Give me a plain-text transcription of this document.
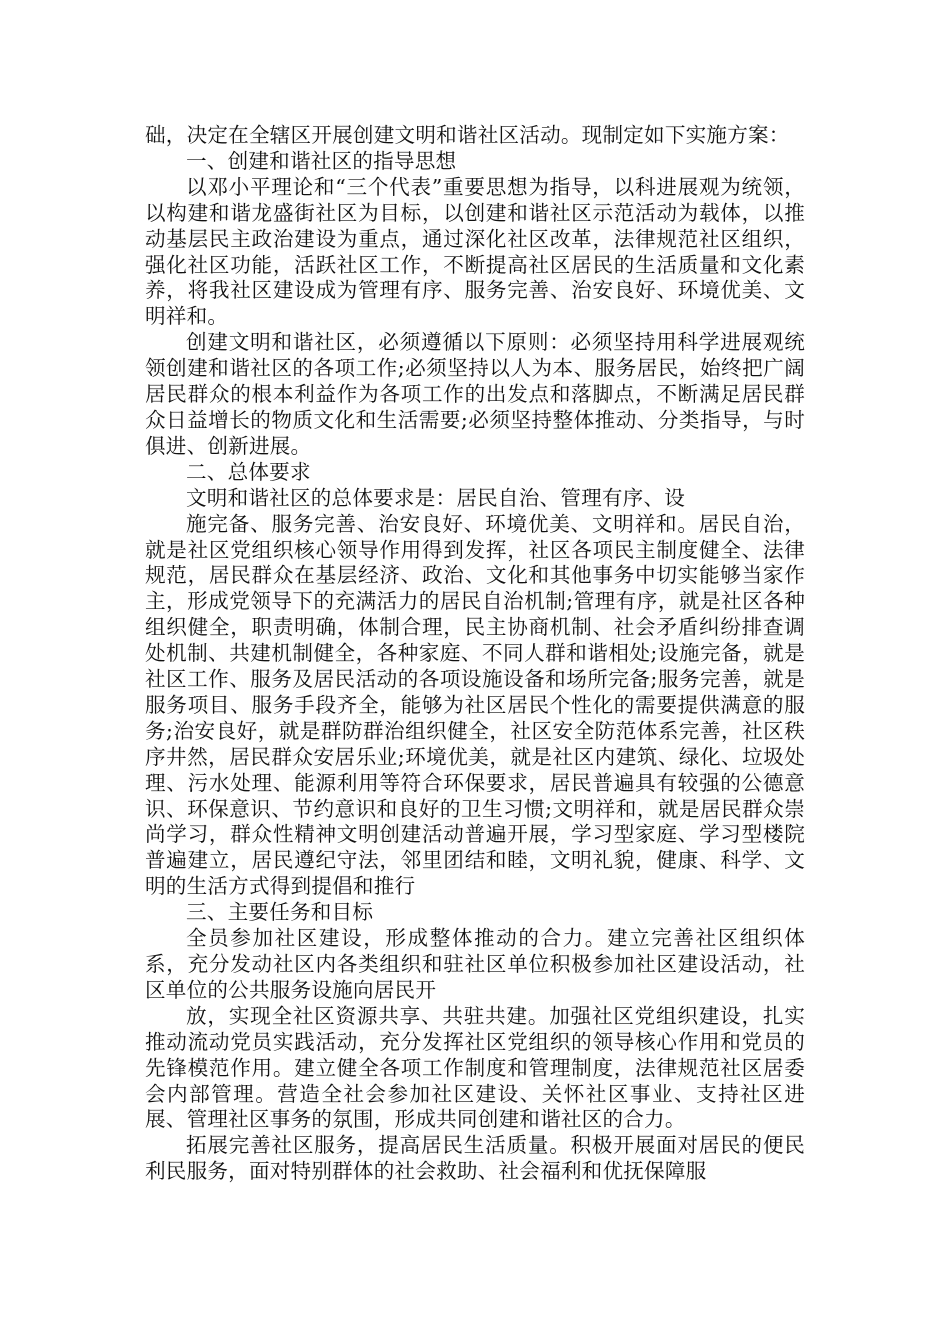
础，决定在全辖区开展创建文明和谐社区活动。现制定如下实施方案：

一、创建和谐社区的指导思想

以邓小平理论和“三个代表”重要思想为指导，以科进展观为统领，以构建和谐龙盛街社区为目标，以创建和谐社区示范活动为载体，以推动基层民主政治建设为重点，通过深化社区改革，法律规范社区组织，强化社区功能，活跃社区工作，不断提高社区居民的生活质量和文化素养，将我社区建设成为管理有序、服务完善、治安良好、环境优美、文明祥和。

创建文明和谐社区，必须遵循以下原则：必须坚持用科学进展观统领创建和谐社区的各项工作;必须坚持以人为本、服务居民，始终把广阔居民群众的根本利益作为各项工作的出发点和落脚点，不断满足居民群众日益增长的物质文化和生活需要;必须坚持整体推动、分类指导，与时俱进、创新进展。

二、总体要求

文明和谐社区的总体要求是：居民自治、管理有序、设

施完备、服务完善、治安良好、环境优美、文明祥和。居民自治，就是社区党组织核心领导作用得到发挥，社区各项民主制度健全、法律规范，居民群众在基层经济、政治、文化和其他事务中切实能够当家作主，形成党领导下的充满活力的居民自治机制;管理有序，就是社区各种组织健全，职责明确，体制合理，民主协商机制、社会矛盾纠纷排查调处机制、共建机制健全，各种家庭、不同人群和谐相处;设施完备，就是社区工作、服务及居民活动的各项设施设备和场所完备;服务完善，就是服务项目、服务手段齐全，能够为社区居民个性化的需要提供满意的服务;治安良好，就是群防群治组织健全，社区安全防范体系完善，社区秩序井然，居民群众安居乐业;环境优美，就是社区内建筑、绿化、垃圾处理、污水处理、能源利用等符合环保要求，居民普遍具有较强的公德意识、环保意识、节约意识和良好的卫生习惯;文明祥和，就是居民群众崇尚学习，群众性精神文明创建活动普遍开展，学习型家庭、学习型楼院普遍建立，居民遵纪守法，邻里团结和睦，文明礼貌，健康、科学、文明的生活方式得到提倡和推行

三、主要任务和目标

全员参加社区建设，形成整体推动的合力。建立完善社区组织体系，充分发动社区内各类组织和驻社区单位积极参加社区建设活动，社区单位的公共服务设施向居民开

放，实现全社区资源共享、共驻共建。加强社区党组织建设，扎实推动流动党员实践活动，充分发挥社区党组织的领导核心作用和党员的先锋模范作用。建立健全各项工作制度和管理制度，法律规范社区居委会内部管理。营造全社会参加社区建设、关怀社区事业、支持社区进展、管理社区事务的氛围，形成共同创建和谐社区的合力。

拓展完善社区服务，提高居民生活质量。积极开展面对居民的便民利民服务，面对特别群体的社会救助、社会福利和优抚保障服
